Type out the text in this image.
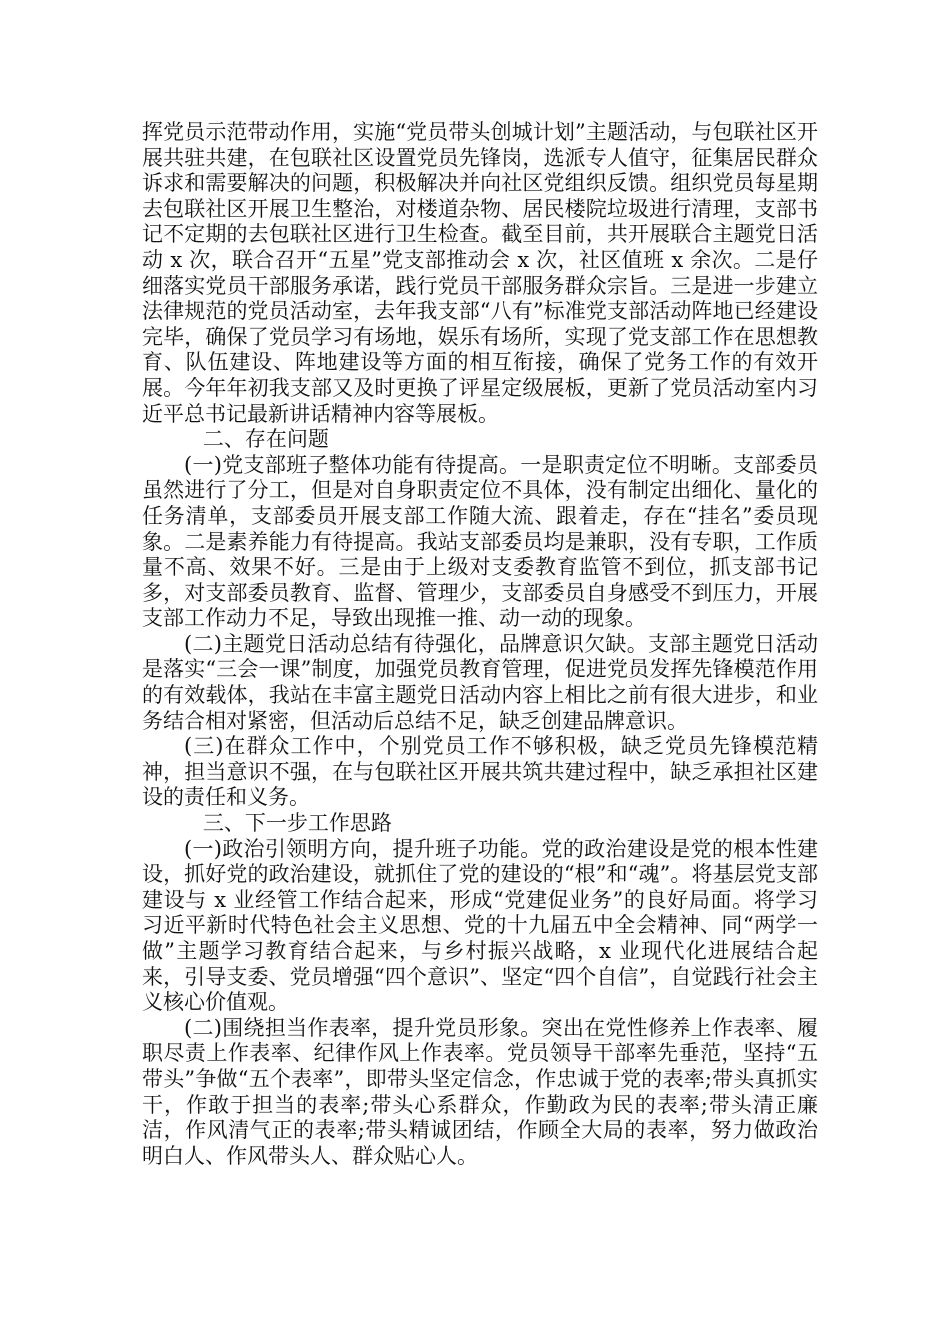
挥党员示范带动作用，实施“党员带头创城计划”主题活动，与包联社区开展共驻共建，在包联社区设置党员先锋岗，选派专人值守，征集居民群众诉求和需要解决的问题，积极解决并向社区党组织反馈。组织党员每星期去包联社区开展卫生整治，对楼道杂物、居民楼院垃圾进行清理，支部书记不定期的去包联社区进行卫生检查。截至目前，共开展联合主题党日活动 x 次，联合召开“五星”党支部推动会 x 次，社区值班 x 余次。二是仔细落实党员干部服务承诺，践行党员干部服务群众宗旨。三是进一步建立法律规范的党员活动室，去年我支部“八有”标准党支部活动阵地已经建设完毕，确保了党员学习有场地，娱乐有场所，实现了党支部工作在思想教育、队伍建设、阵地建设等方面的相互衔接，确保了党务工作的有效开展。今年年初我支部又及时更换了评星定级展板，更新了党员活动室内习近平总书记最新讲话精神内容等展板。

二、存在问题

(一)党支部班子整体功能有待提高。一是职责定位不明晰。支部委员虽然进行了分工，但是对自身职责定位不具体，没有制定出细化、量化的任务清单，支部委员开展支部工作随大流、跟着走，存在“挂名”委员现象。二是素养能力有待提高。我站支部委员均是兼职，没有专职，工作质量不高、效果不好。三是由于上级对支委教育监管不到位，抓支部书记多，对支部委员教育、监督、管理少，支部委员自身感受不到压力，开展支部工作动力不足，导致出现推一推、动一动的现象。

(二)主题党日活动总结有待强化，品牌意识欠缺。支部主题党日活动是落实“三会一课”制度，加强党员教育管理，促进党员发挥先锋模范作用的有效载体，我站在丰富主题党日活动内容上相比之前有很大进步，和业务结合相对紧密，但活动后总结不足，缺乏创建品牌意识。

(三)在群众工作中，个别党员工作不够积极，缺乏党员先锋模范精神，担当意识不强，在与包联社区开展共筑共建过程中，缺乏承担社区建设的责任和义务。

三、下一步工作思路

(一)政治引领明方向，提升班子功能。党的政治建设是党的根本性建设，抓好党的政治建设，就抓住了党的建设的“根”和“魂”。将基层党支部建设与 x 业经管工作结合起来，形成“党建促业务”的良好局面。将学习习近平新时代特色社会主义思想、党的十九届五中全会精神、同“两学一做”主题学习教育结合起来，与乡村振兴战略，x 业现代化进展结合起来，引导支委、党员增强“四个意识”、坚定“四个自信”，自觉践行社会主义核心价值观。

(二)围绕担当作表率，提升党员形象。突出在党性修养上作表率、履职尽责上作表率、纪律作风上作表率。党员领导干部率先垂范，坚持“五带头”争做“五个表率”，即带头坚定信念，作忠诚于党的表率;带头真抓实干，作敢于担当的表率;带头心系群众，作勤政为民的表率;带头清正廉洁，作风清气正的表率;带头精诚团结，作顾全大局的表率，努力做政治明白人、作风带头人、群众贴心人。
